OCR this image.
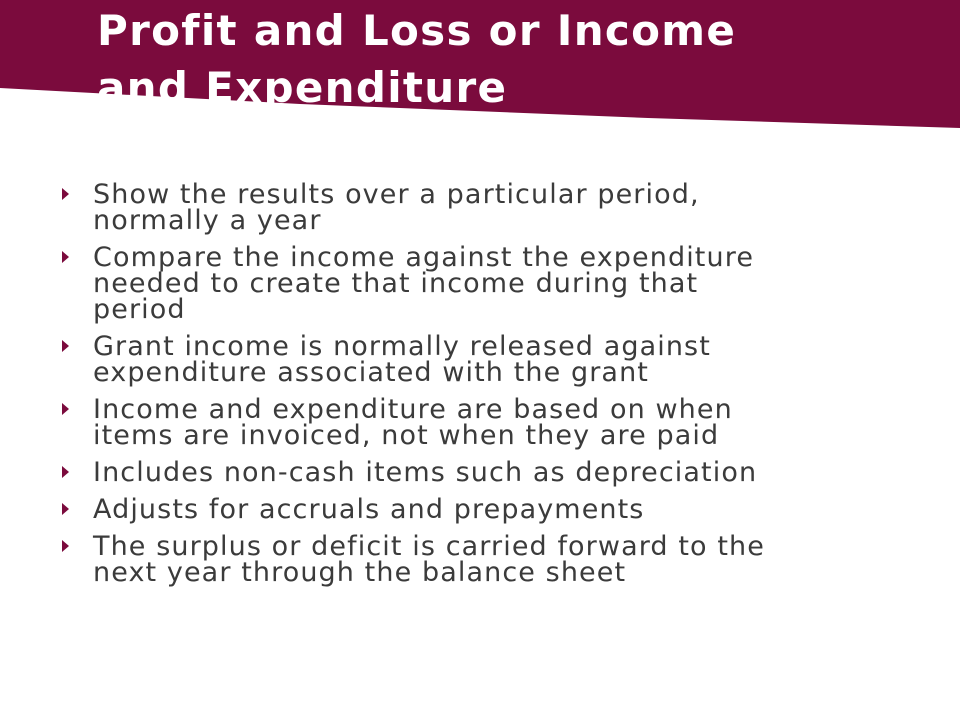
Profit and Loss or Income
and Expenditure
Show the results over a particular period,
normally a year
Compare the income against the expenditure
needed to create that income during that
period
Grant income is normally released against
expenditure associated with the grant
Income and expenditure are based on when
items are invoiced, not when they are paid
Includes non-cash items such as depreciation
Adjusts for accruals and prepayments
The surplus or deficit is carried forward to the
next year through the balance sheet
